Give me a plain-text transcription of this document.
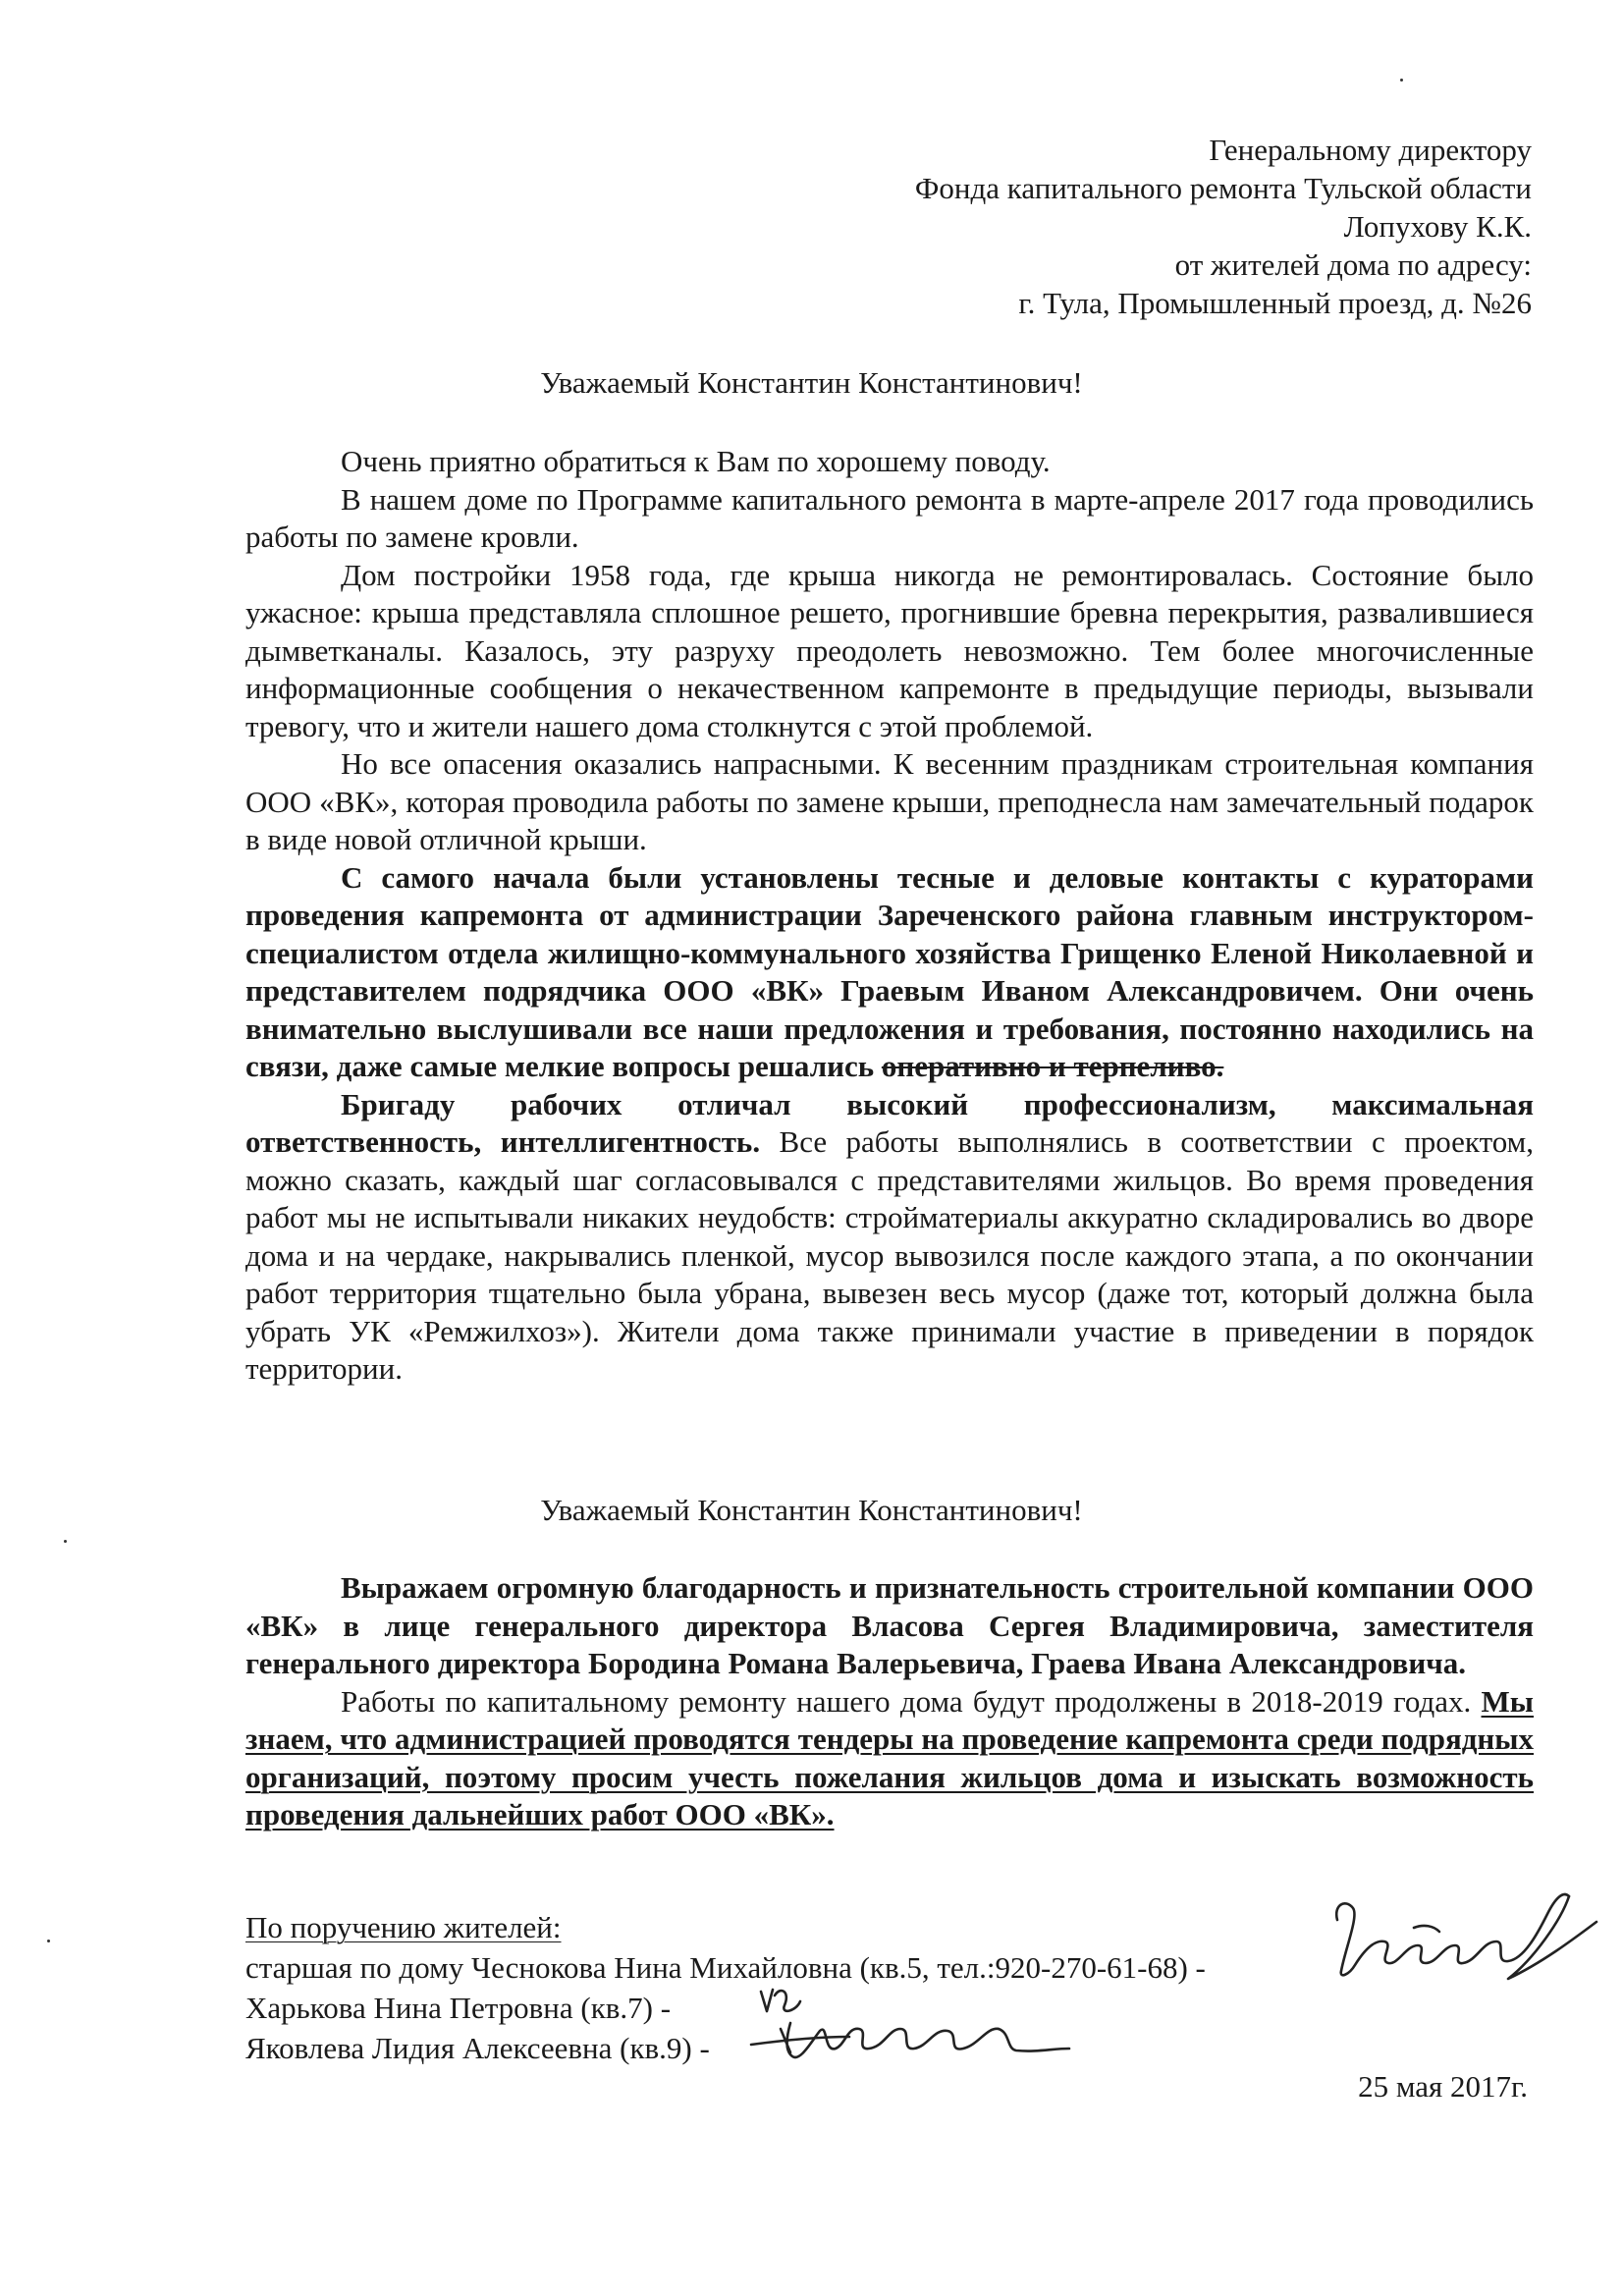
Генеральному директору
Фонда капитального ремонта Тульской области
Лопухову К.К.
от жителей дома по адресу:
г. Тула, Промышленный проезд, д. №26
Уважаемый Константин Константинович!

Очень приятно обратиться к Вам по хорошему поводу.

В нашем доме по Программе капитального ремонта в марте-апреле 2017 года проводились работы по замене кровли.

Дом постройки 1958 года, где крыша никогда не ремонтировалась. Состояние было ужасное: крыша представляла сплошное решето, прогнившие бревна перекрытия, развалившиеся дымветканалы. Казалось, эту разруху преодолеть невозможно. Тем более многочисленные информационные сообщения о некачественном капремонте в предыдущие периоды, вызывали тревогу, что и жители нашего дома столкнутся с этой проблемой.

Но все опасения оказались напрасными. К весенним праздникам строительная компания ООО «ВК», которая проводила работы по замене крыши, преподнесла нам замечательный подарок в виде новой отличной крыши.

С самого начала были установлены тесные и деловые контакты с кураторами проведения капремонта от администрации Зареченского района главным инструктором-специалистом отдела жилищно-коммунального хозяйства Грищенко Еленой Николаевной и представителем подрядчика ООО «ВК» Граевым Иваном Александровичем. Они очень внимательно выслушивали все наши предложения и требования, постоянно находились на связи, даже самые мелкие вопросы решались оперативно и терпеливо.

Бригаду рабочих отличал высокий профессионализм, максимальная ответственность, интеллигентность. Все работы выполнялись в соответствии с проектом, можно сказать, каждый шаг согласовывался с представителями жильцов. Во время проведения работ мы не испытывали никаких неудобств: стройматериалы аккуратно складировались во дворе дома и на чердаке, накрывались пленкой, мусор вывозился после каждого этапа, а по окончании работ территория тщательно была убрана, вывезен весь мусор (даже тот, который должна была убрать УК «Ремжилхоз»). Жители дома также принимали участие в приведении в порядок территории.

Уважаемый Константин Константинович!

Выражаем огромную благодарность и признательность строительной компании ООО «ВК» в лице генерального директора Власова Сергея Владимировича, заместителя генерального директора Бородина Романа Валерьевича, Граева Ивана Александровича.

Работы по капитальному ремонту нашего дома будут продолжены в 2018-2019 годах. Мы знаем, что администрацией проводятся тендеры на проведение капремонта среди подрядных организаций, поэтому просим учесть пожелания жильцов дома и изыскать возможность проведения дальнейших работ ООО «ВК».

По поручению жителей:
старшая по дому Чеснокова Нина Михайловна (кв.5, тел.:920-270-61-68) -
Харькова Нина Петровна (кв.7) -
Яковлева Лидия Алексеевна (кв.9) -
25 мая 2017г.
